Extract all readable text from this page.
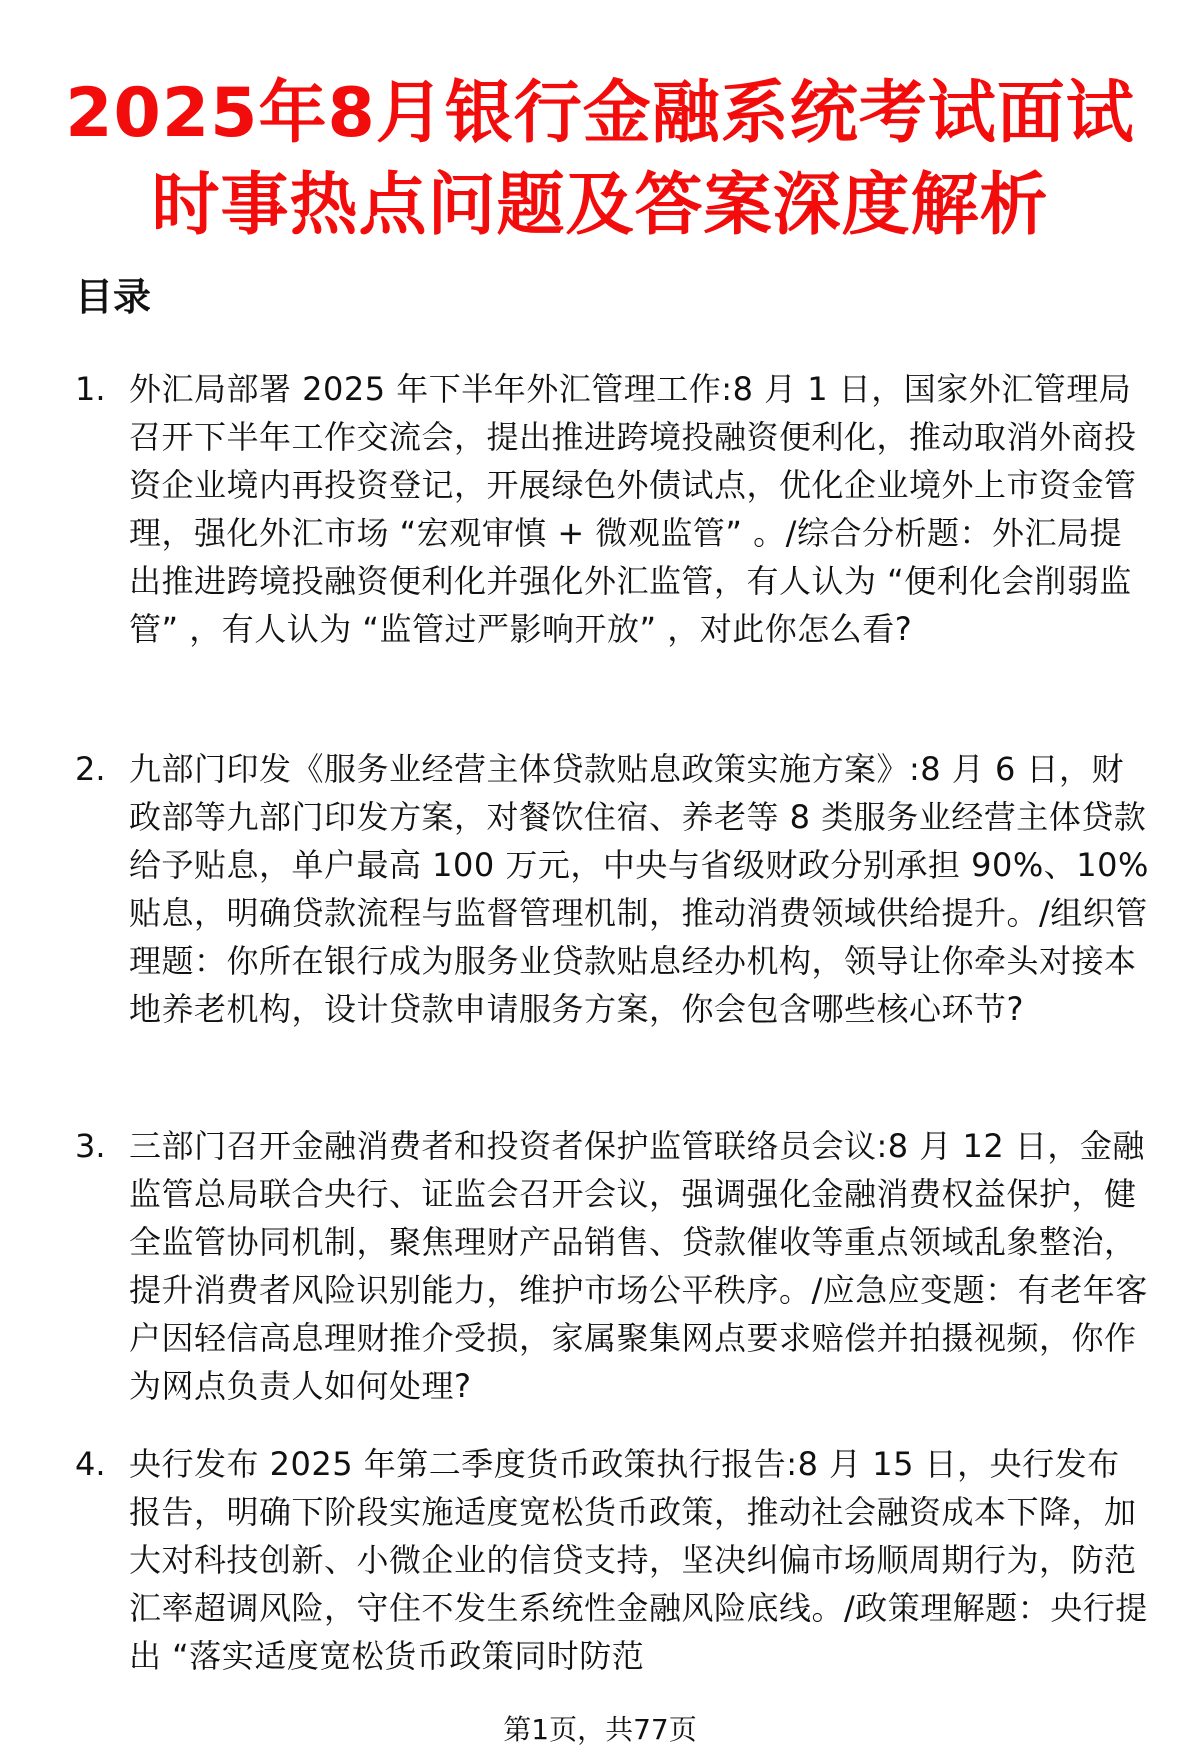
2025年8月银行金融系统考试面试
时事热点问题及答案深度解析
目录
1. 外汇局部署 2025 年下半年外汇管理工作:8 月 1 日，国家外汇管理局召开下半年工作交流会，提出推进跨境投融资便利化，推动取消外商投资企业境内再投资登记，开展绿色外债试点，优化企业境外上市资金管理，强化外汇市场 “宏观审慎 + 微观监管” 。/综合分析题：外汇局提出推进跨境投融资便利化并强化外汇监管，有人认为 “便利化会削弱监管” ，有人认为 “监管过严影响开放” ，对此你怎么看?
2. 九部门印发《服务业经营主体贷款贴息政策实施方案》:8 月 6 日，财政部等九部门印发方案，对餐饮住宿、养老等 8 类服务业经营主体贷款给予贴息，单户最高 100 万元，中央与省级财政分别承担 90%、10% 贴息，明确贷款流程与监督管理机制，推动消费领域供给提升。/组织管理题：你所在银行成为服务业贷款贴息经办机构，领导让你牵头对接本地养老机构，设计贷款申请服务方案，你会包含哪些核心环节?
3. 三部门召开金融消费者和投资者保护监管联络员会议:8 月 12 日，金融监管总局联合央行、证监会召开会议，强调强化金融消费权益保护，健全监管协同机制，聚焦理财产品销售、贷款催收等重点领域乱象整治，提升消费者风险识别能力，维护市场公平秩序。/应急应变题：有老年客户因轻信高息理财推介受损，家属聚集网点要求赔偿并拍摄视频，你作为网点负责人如何处理?
4. 央行发布 2025 年第二季度货币政策执行报告:8 月 15 日，央行发布报告，明确下阶段实施适度宽松货币政策，推动社会融资成本下降，加大对科技创新、小微企业的信贷支持，坚决纠偏市场顺周期行为，防范汇率超调风险，守住不发生系统性金融风险底线。/政策理解题：央行提出 “落实适度宽松货币政策同时防范
第1页，共77页
